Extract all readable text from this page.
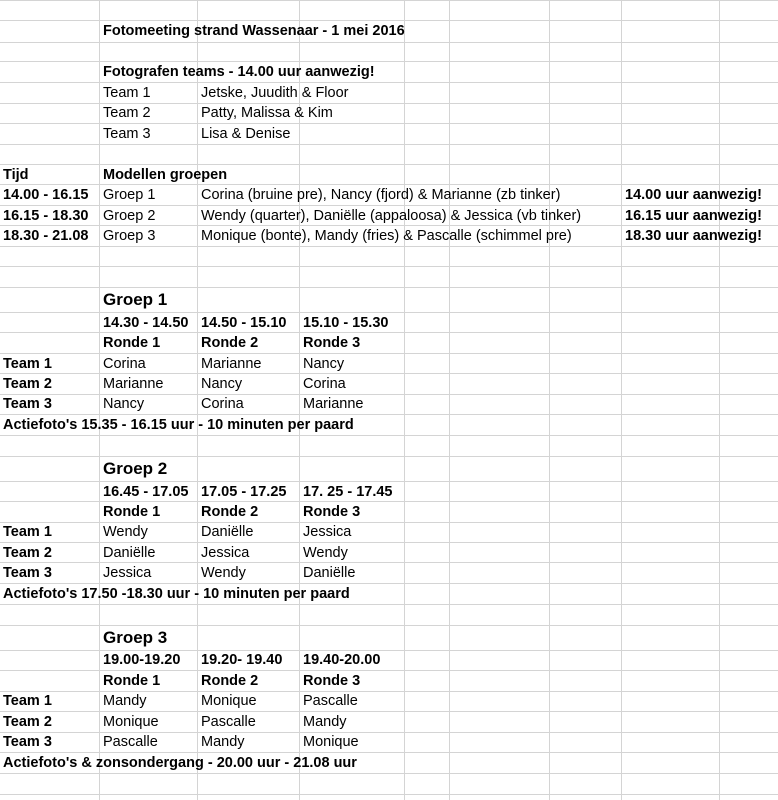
Fotomeeting strand Wassenaar - 1 mei 2016
Fotografen teams - 14.00 uur aanwezig!
Team 1	Jetske, Juudith & Floor
Team 2	Patty, Malissa & Kim
Team 3	Lisa & Denise
Tijd	Modellen groepen
14.00 - 16.15 Groep 1	Corina (bruine pre), Nancy (fjord) & Marianne (zb tinker)	14.00 uur aanwezig!
16.15 - 18.30 Groep 2	Wendy (quarter), Daniëlle (appaloosa) & Jessica (vb tinker)	16.15 uur aanwezig!
18.30 - 21.08 Groep 3	Monique (bonte), Mandy (fries) & Pascalle (schimmel pre)	18.30 uur aanwezig!
Groep 1
14.30 - 14.50 14.50 - 15.10 15.10 - 15.30
Ronde 1	Ronde 2	Ronde 3
Team 1	Corina	Marianne	Nancy
Team 2	Marianne	Nancy	Corina
Team 3	Nancy	Corina	Marianne
Actiefoto's 15.35 - 16.15 uur - 10 minuten per paard
Groep 2
16.45 - 17.05 17.05 - 17.25 17. 25 - 17.45
Ronde 1	Ronde 2	Ronde 3
Team 1	Wendy	Daniëlle	Jessica
Team 2	Daniëlle	Jessica	Wendy
Team 3	Jessica	Wendy	Daniëlle
Actiefoto's 17.50 -18.30 uur - 10 minuten per paard
Groep 3
19.00-19.20 19.20- 19.40 19.40-20.00
Ronde 1	Ronde 2	Ronde 3
Team 1	Mandy	Monique	Pascalle
Team 2	Monique	Pascalle	Mandy
Team 3	Pascalle	Mandy	Monique
Actiefoto's & zonsondergang - 20.00 uur - 21.08 uur
